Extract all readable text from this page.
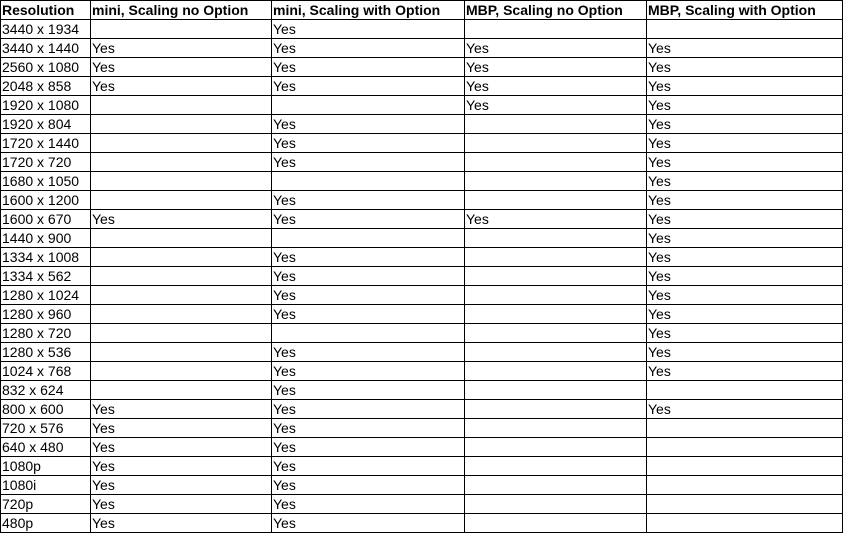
Resolution	mini, Scaling no Option	mini, Scaling with Option	MBP, Scaling no Option	MBP, Scaling with Option
3440 x 1934		Yes		
3440 x 1440	Yes	Yes	Yes	Yes
2560 x 1080	Yes	Yes	Yes	Yes
2048 x 858	Yes	Yes	Yes	Yes
1920 x 1080			Yes	Yes
1920 x 804		Yes		Yes
1720 x 1440		Yes		Yes
1720 x 720		Yes		Yes
1680 x 1050				Yes
1600 x 1200		Yes		Yes
1600 x 670	Yes	Yes	Yes	Yes
1440 x 900				Yes
1334 x 1008		Yes		Yes
1334 x 562		Yes		Yes
1280 x 1024		Yes		Yes
1280 x 960		Yes		Yes
1280 x 720				Yes
1280 x 536		Yes		Yes
1024 x 768		Yes		Yes
832 x 624		Yes		
800 x 600	Yes	Yes		Yes
720 x 576	Yes	Yes		
640 x 480	Yes	Yes		
1080p	Yes	Yes		
1080i	Yes	Yes		
720p	Yes	Yes		
480p	Yes	Yes		
